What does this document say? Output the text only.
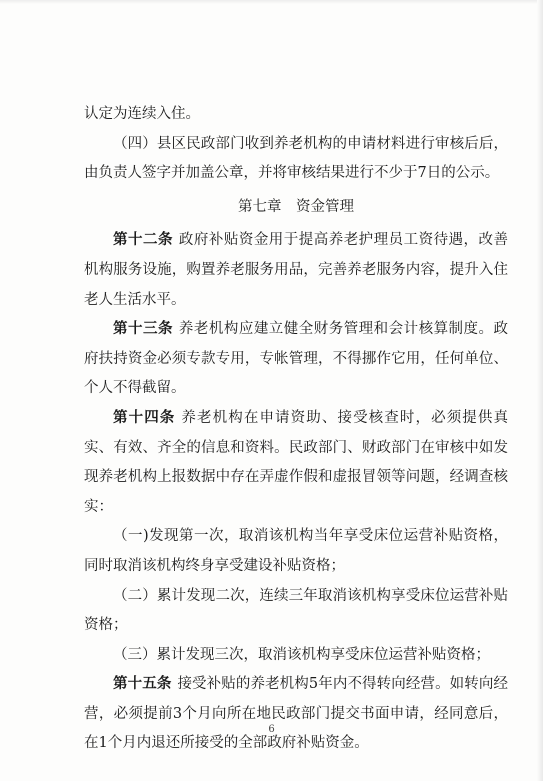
认定为连续入住。

（四）县区民政部门收到养老机构的申请材料进行审核后后，由负责人签字并加盖公章，并将审核结果进行不少于7日的公示。

第七章　资金管理

第十二条 政府补贴资金用于提高养老护理员工资待遇，改善机构服务设施，购置养老服务用品，完善养老服务内容，提升入住老人生活水平。

第十三条 养老机构应建立健全财务管理和会计核算制度。政府扶持资金必须专款专用，专帐管理，不得挪作它用，任何单位、个人不得截留。

第十四条 养老机构在申请资助、接受核查时，必须提供真实、有效、齐全的信息和资料。民政部门、财政部门在审核中如发现养老机构上报数据中存在弄虚作假和虚报冒领等问题，经调查核实：

（一)发现第一次，取消该机构当年享受床位运营补贴资格，同时取消该机构终身享受建设补贴资格；

（二）累计发现二次，连续三年取消该机构享受床位运营补贴资格；

（三）累计发现三次，取消该机构享受床位运营补贴资格；

第十五条 接受补贴的养老机构5年内不得转向经营。如转向经营，必须提前3个月向所在地民政部门提交书面申请，经同意后，在1个月内退还所接受的全部政府补贴资金。

6
